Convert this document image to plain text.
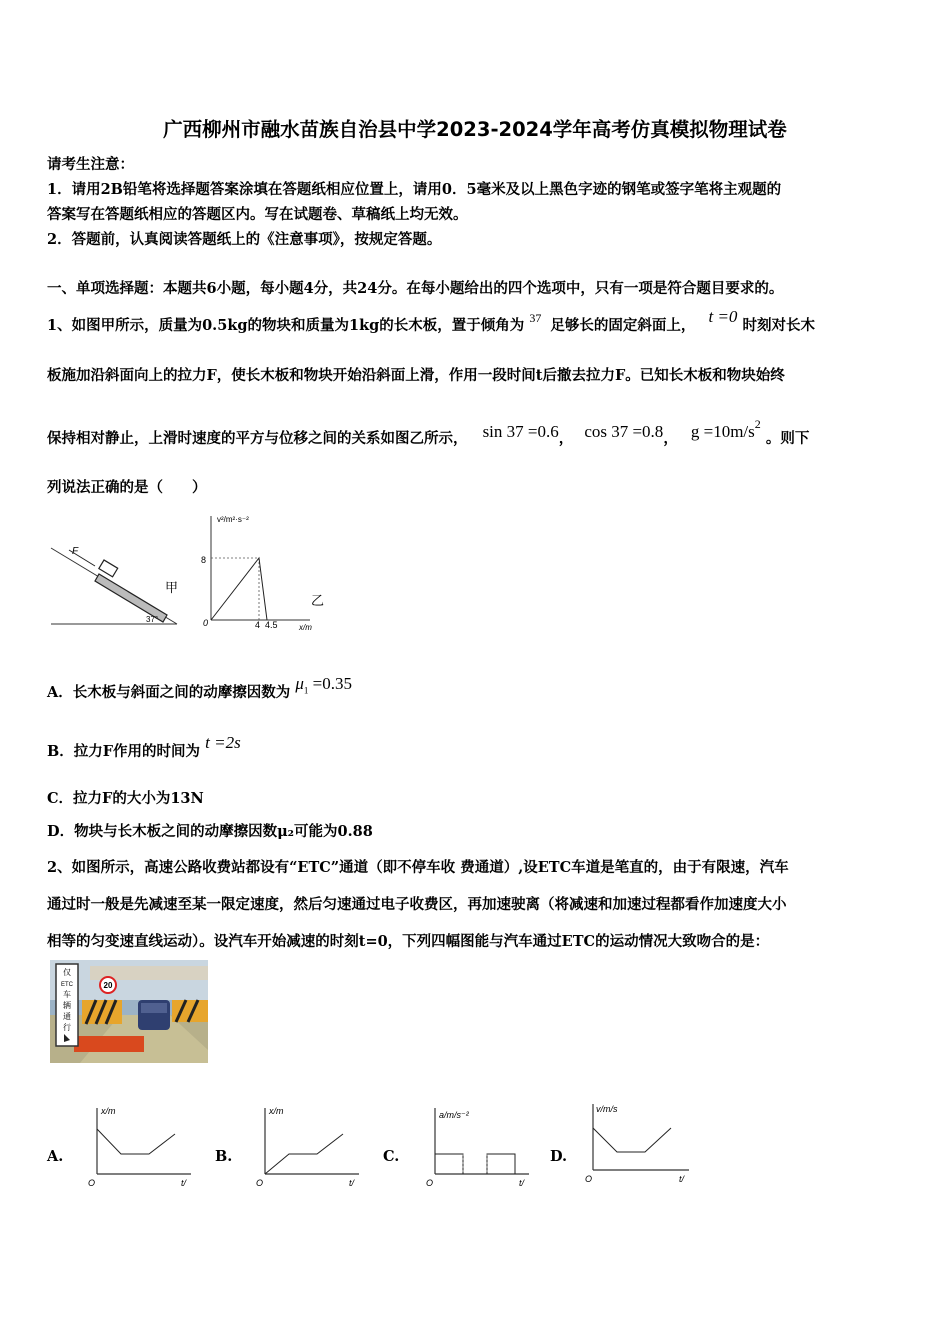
广西柳州市融水苗族自治县中学2023-2024学年高考仿真模拟物理试卷
请考生注意：
1．请用2B铅笔将选择题答案涂填在答题纸相应位置上，请用0．5毫米及以上黑色字迹的钢笔或签字笔将主观题的
答案写在答题纸相应的答题区内。写在试题卷、草稿纸上均无效。
2．答题前，认真阅读答题纸上的《注意事项》，按规定答题。
一、单项选择题：本题共6小题，每小题4分，共24分。在每小题给出的四个选项中，只有一项是符合题目要求的。
1、如图甲所示，质量为0.5kg的物块和质量为1kg的长木板，置于倾角为 $^{37}$ 足够长的固定斜面上， t =0 时刻对长木
板施加沿斜面向上的拉力F，使长木板和物块开始沿斜面上滑，作用一段时间t后撤去拉力F。已知长木板和物块始终
保持相对静止，上滑时速度的平方与位移之间的关系如图乙所示， sin 37 =0.6， cos 37 =0.8， $g =10m/s^2$ 。则下
列说法正确的是（　　）
F
37°
甲
v²/m²·s⁻²
x/m
8
0	4 4.5
乙
A．长木板与斜面之间的动摩擦因数为 $\mu_1 =0.35$
B．拉力F作用的时间为 t =2s
C．拉力F的大小为13N
D．物块与长木板之间的动摩擦因数μ₂可能为0.88
2、如图所示，高速公路收费站都设有“ETC”通道（即不停车收 费通道）,设ETC车道是笔直的，由于有限速，汽车
通过时一般是先减速至某一限定速度，然后匀速通过电子收费区，再加速驶离（将减速和加速过程都看作加速度大小
相等的匀变速直线运动）。设汽车开始减速的时刻t=0，下列四幅图能与汽车通过ETC的运动情况大致吻合的是：
20
仅
ETC
车
辆
通
行
A.
x/m
t/
O
B.
x/m
t/
O
C.
a/m/s⁻²
t/
O
D.
v/m/s
t/
O
